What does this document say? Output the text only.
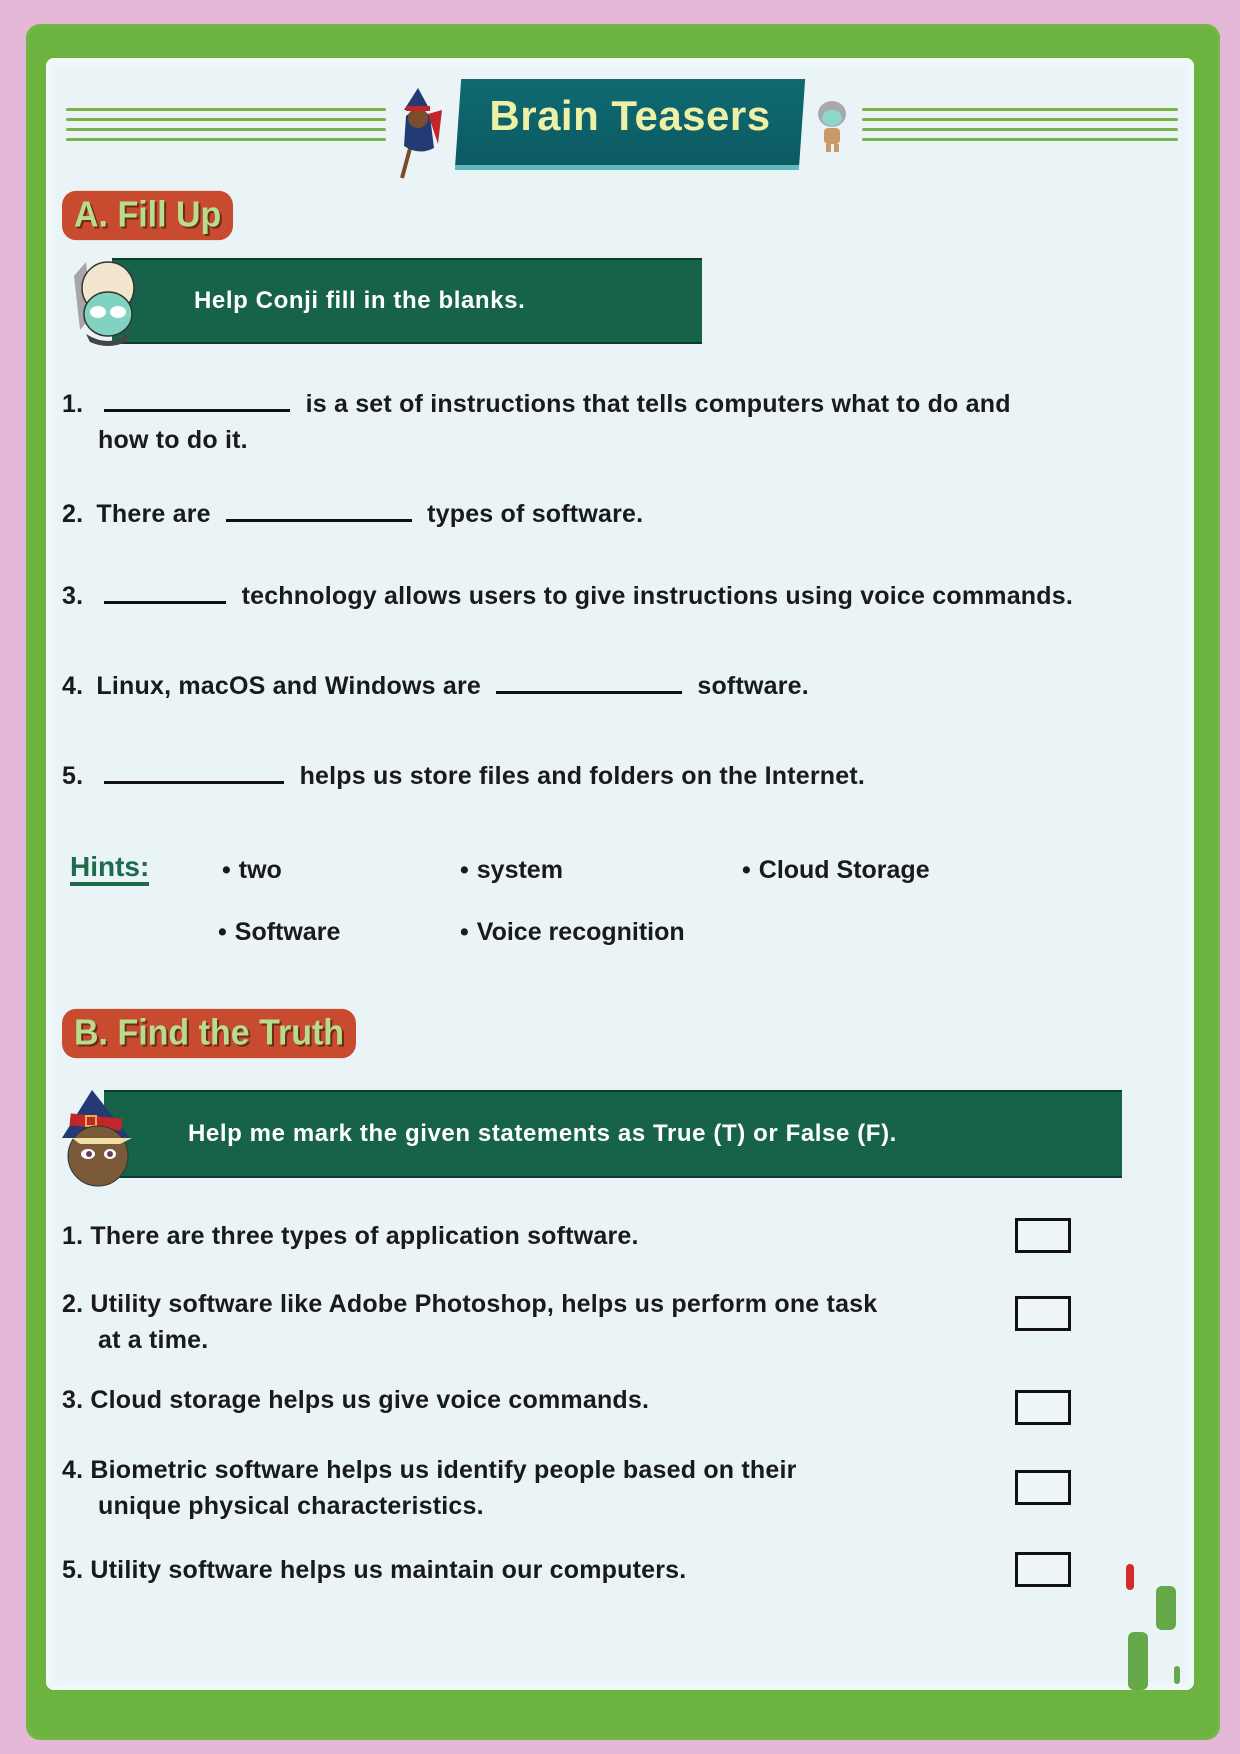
Brain Teasers
A. Fill Up
Help Conji fill in the blanks.
1.	is a set of instructions that tells computers what to do and
how to do it.
2. There are	types of software.
3.	technology allows users to give instructions using voice commands.
4. Linux, macOS and Windows are	software.
5.	helps us store files and folders on the Internet.
Hints:	• two	• system	• Cloud Storage
• Software	• Voice recognition
B. Find the Truth
Help me mark the given statements as True (T) or False (F).
1. There are three types of application software.
2. Utility software like Adobe Photoshop, helps us perform one task
at a time.
3. Cloud storage helps us give voice commands.
4. Biometric software helps us identify people based on their
unique physical characteristics.
5. Utility software helps us maintain our computers.
